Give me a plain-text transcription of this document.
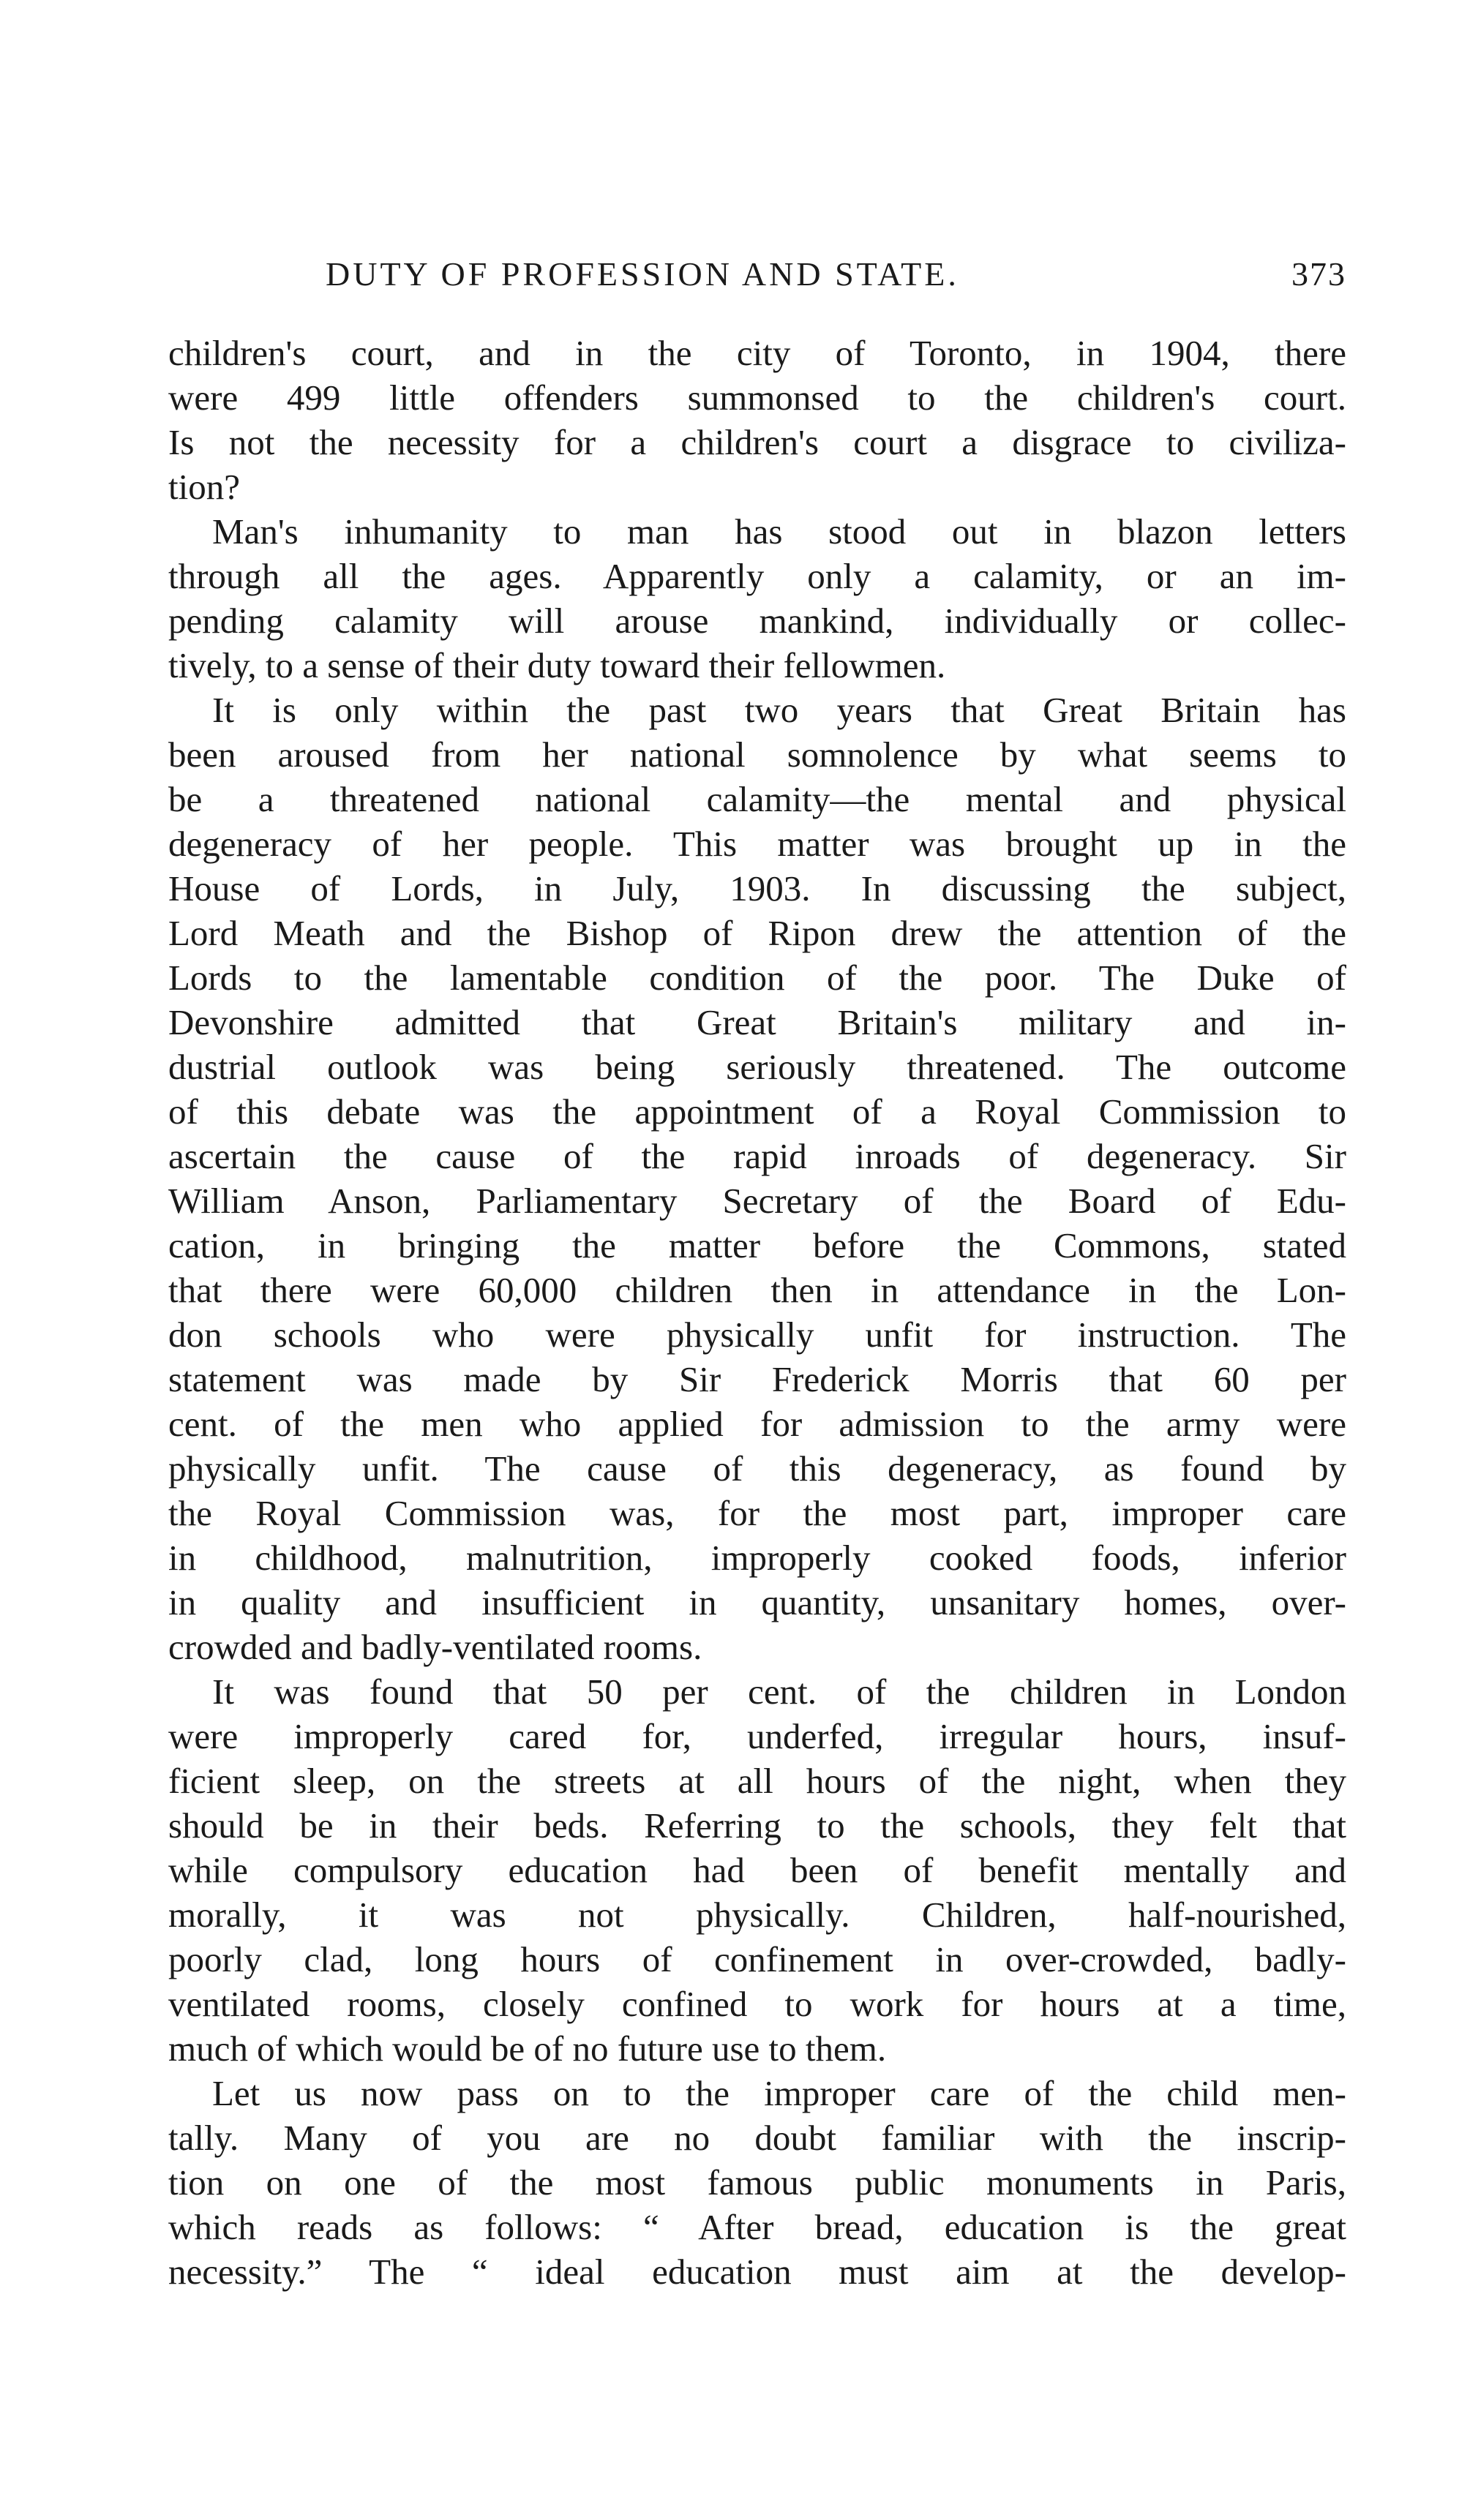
DUTY OF PROFESSION AND STATE.	373
children's court, and in the city of Toronto, in 1904, there
were 499 little offenders summonsed to the children's court.
Is not the necessity for a children's court a disgrace to civiliza-
tion?
Man's inhumanity to man has stood out in blazon letters
through all the ages. Apparently only a calamity, or an im-
pending calamity will arouse mankind, individually or collec-
tively, to a sense of their duty toward their fellowmen.
It is only within the past two years that Great Britain has
been aroused from her national somnolence by what seems to
be a threatened national calamity—the mental and physical
degeneracy of her people. This matter was brought up in the
House of Lords, in July, 1903. In discussing the subject,
Lord Meath and the Bishop of Ripon drew the attention of the
Lords to the lamentable condition of the poor. The Duke of
Devonshire admitted that Great Britain's military and in-
dustrial outlook was being seriously threatened. The outcome
of this debate was the appointment of a Royal Commission to
ascertain the cause of the rapid inroads of degeneracy. Sir
William Anson, Parliamentary Secretary of the Board of Edu-
cation, in bringing the matter before the Commons, stated
that there were 60,000 children then in attendance in the Lon-
don schools who were physically unfit for instruction. The
statement was made by Sir Frederick Morris that 60 per
cent. of the men who applied for admission to the army were
physically unfit. The cause of this degeneracy, as found by
the Royal Commission was, for the most part, improper care
in childhood, malnutrition, improperly cooked foods, inferior
in quality and insufficient in quantity, unsanitary homes, over-
crowded and badly-ventilated rooms.
It was found that 50 per cent. of the children in London
were improperly cared for, underfed, irregular hours, insuf-
ficient sleep, on the streets at all hours of the night, when they
should be in their beds. Referring to the schools, they felt that
while compulsory education had been of benefit mentally and
morally, it was not physically. Children, half-nourished,
poorly clad, long hours of confinement in over-crowded, badly-
ventilated rooms, closely confined to work for hours at a time,
much of which would be of no future use to them.
Let us now pass on to the improper care of the child men-
tally. Many of you are no doubt familiar with the inscrip-
tion on one of the most famous public monuments in Paris,
which reads as follows: “ After bread, education is the great
necessity.” The “ ideal education must aim at the develop-
